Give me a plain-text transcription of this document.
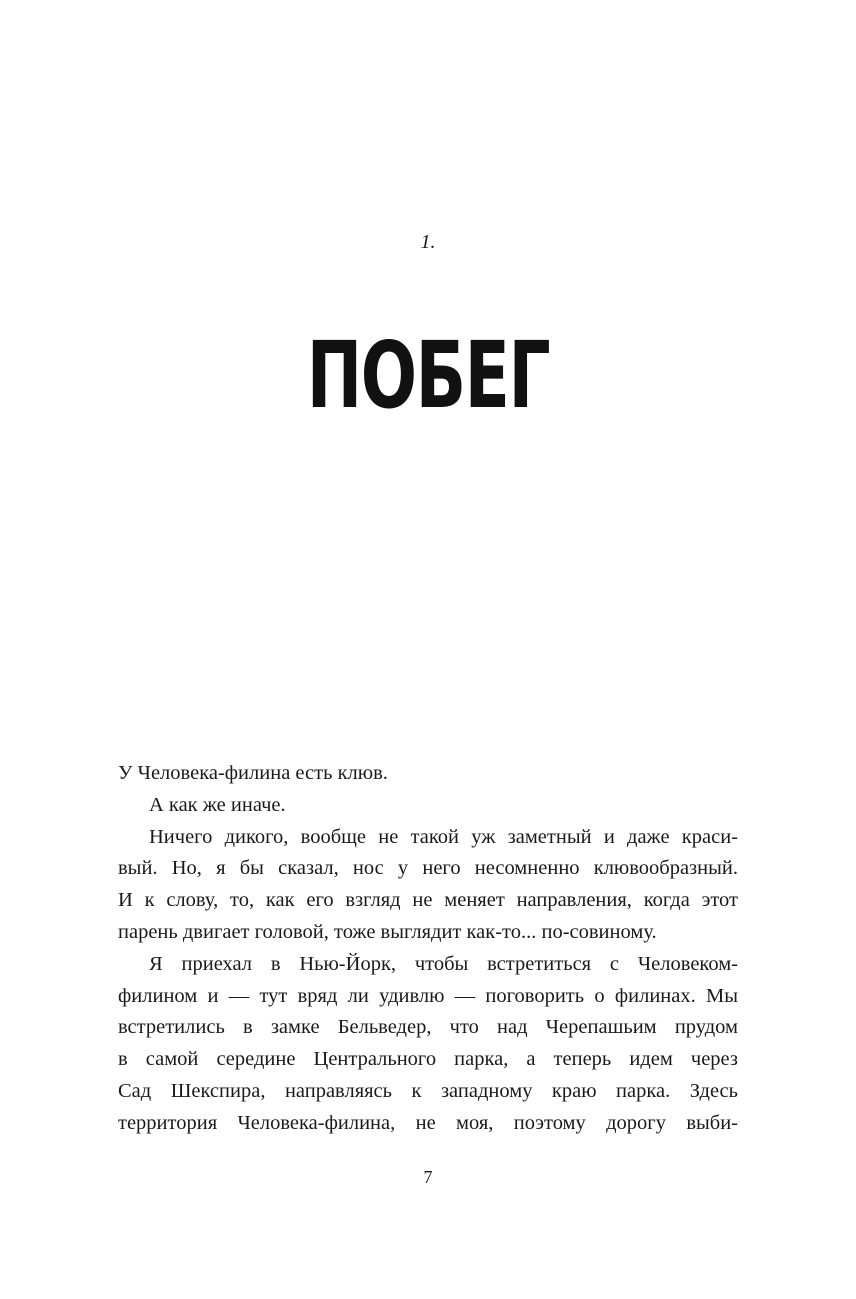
1.
ПОБЕГ
У Человека-филина есть клюв.
А как же иначе.
Ничего дикого, вообще не такой уж заметный и даже краси-
вый. Но, я бы сказал, нос у него несомненно клювообразный.
И к слову, то, как его взгляд не меняет направления, когда этот
парень двигает головой, тоже выглядит как-то... по-совиному.
Я приехал в Нью-Йорк, чтобы встретиться с Человеком-
филином и — тут вряд ли удивлю — поговорить о филинах. Мы
встретились в замке Бельведер, что над Черепашьим прудом
в самой середине Центрального парка, а теперь идем через
Сад Шекспира, направляясь к западному краю парка. Здесь
территория Человека-филина, не моя, поэтому дорогу выби-
7
